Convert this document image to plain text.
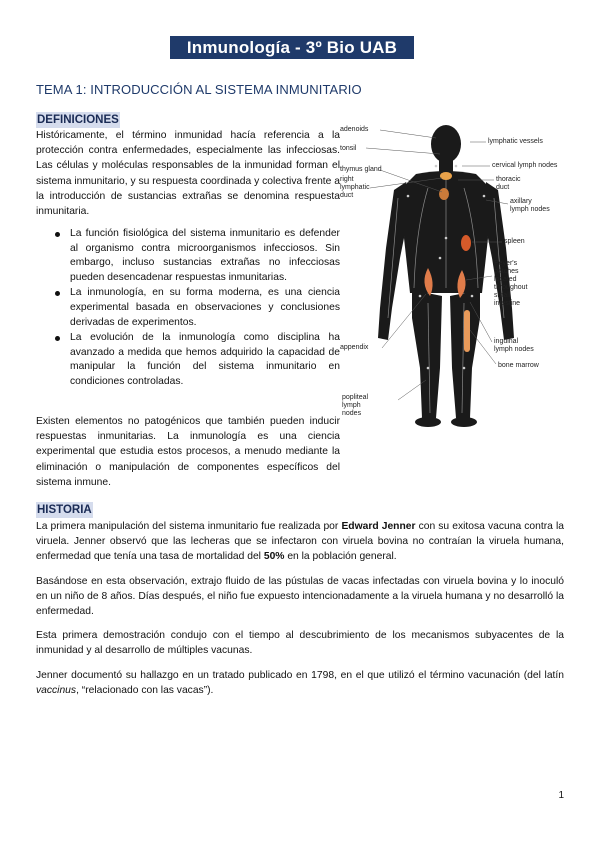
Inmunología - 3º Bio UAB
TEMA 1: INTRODUCCIÓN AL SISTEMA INMUNITARIO
DEFINICIONES

Históricamente, el término inmunidad hacía referencia a la protección contra enfermedades, especialmente las infecciosas. Las células y moléculas responsables de la inmunidad forman el sistema inmunitario, y su respuesta coordinada y colectiva frente a la introducción de sustancias extrañas se denomina respuesta inmunitaria.

La función fisiológica del sistema inmunitario es defender al organismo contra microorganismos infecciosos. Sin embargo, incluso sustancias extrañas no infecciosas pueden desencadenar respuestas inmunitarias.
La inmunología, en su forma moderna, es una ciencia experimental basada en observaciones y conclusiones derivadas de experimentos.
La evolución de la inmunología como disciplina ha avanzado a medida que hemos adquirido la capacidad de manipular la función del sistema inmunitario en condiciones controladas.

Existen elementos no patogénicos que también pueden inducir respuestas inmunitarias. La inmunología es una ciencia experimental que estudia estos procesos, a menudo mediante la eliminación o manipulación de componentes específicos del sistema inmune.

adenoids
tonsil
thymus gland
right
lymphatic
duct
appendix
popliteal
lymph
nodes
lymphatic vessels
cervical lymph nodes
thoracic
duct
axillary
lymph nodes
spleen
Peyer's
patches
located
throughout
small
intestine
inguinal
lymph nodes
bone marrow
HISTORIA

La primera manipulación del sistema inmunitario fue realizada por Edward Jenner con su exitosa vacuna contra la viruela. Jenner observó que las lecheras que se infectaron con viruela bovina no contraían la viruela humana, enfermedad que tenía una tasa de mortalidad del 50% en la población general.

Basándose en esta observación, extrajo fluido de las pústulas de vacas infectadas con viruela bovina y lo inoculó en un niño de 8 años. Días después, el niño fue expuesto intencionadamente a la viruela humana y no desarrolló la enfermedad.

Esta primera demostración condujo con el tiempo al descubrimiento de los mecanismos subyacentes de la inmunidad y al desarrollo de múltiples vacunas.

Jenner documentó su hallazgo en un tratado publicado en 1798, en el que utilizó el término vacunación (del latín vaccinus, “relacionado con las vacas”).

1
